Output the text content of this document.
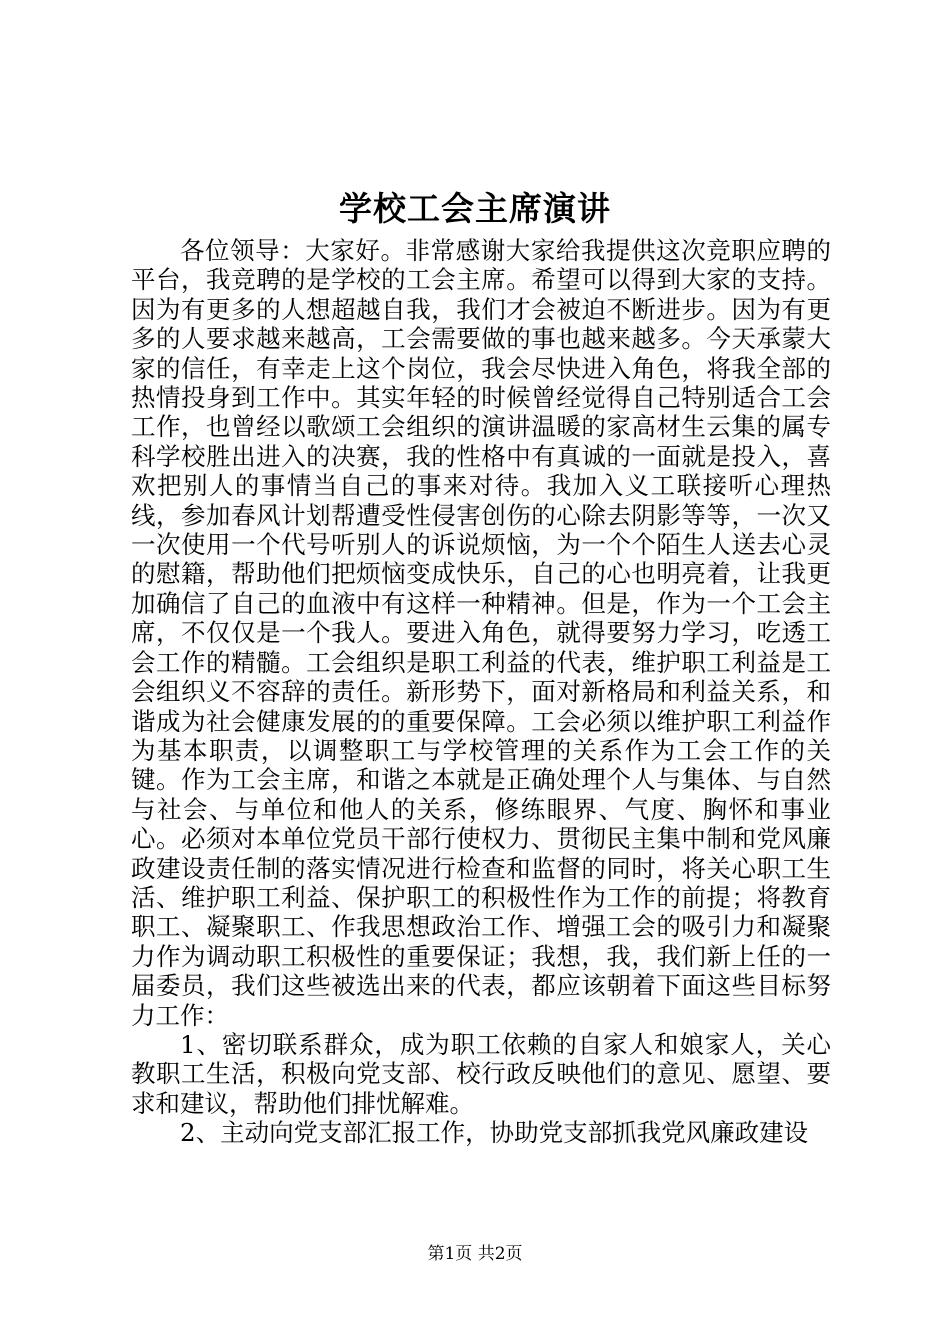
学校工会主席演讲

各位领导：大家好。非常感谢大家给我提供这次竞职应聘的平台，我竞聘的是学校的工会主席。希望可以得到大家的支持。因为有更多的人想超越自我，我们才会被迫不断进步。因为有更多的人要求越来越高，工会需要做的事也越来越多。今天承蒙大家的信任，有幸走上这个岗位，我会尽快进入角色，将我全部的热情投身到工作中。其实年轻的时候曾经觉得自己特别适合工会工作，也曾经以歌颂工会组织的演讲温暖的家高材生云集的属专科学校胜出进入的决赛，我的性格中有真诚的一面就是投入，喜欢把别人的事情当自己的事来对待。我加入义工联接听心理热线，参加春风计划帮遭受性侵害创伤的心除去阴影等等，一次又一次使用一个代号听别人的诉说烦恼，为一个个陌生人送去心灵的慰籍，帮助他们把烦恼变成快乐，自己的心也明亮着，让我更加确信了自己的血液中有这样一种精神。但是，作为一个工会主席，不仅仅是一个我人。要进入角色，就得要努力学习，吃透工会工作的精髓。工会组织是职工利益的代表，维护职工利益是工会组织义不容辞的责任。新形势下，面对新格局和利益关系，和谐成为社会健康发展的的重要保障。工会必须以维护职工利益作为基本职责，以调整职工与学校管理的关系作为工会工作的关键。作为工会主席，和谐之本就是正确处理个人与集体、与自然与社会、与单位和他人的关系，修练眼界、气度、胸怀和事业心。必须对本单位党员干部行使权力、贯彻民主集中制和党风廉政建设责任制的落实情况进行检查和监督的同时，将关心职工生活、维护职工利益、保护职工的积极性作为工作的前提；将教育职工、凝聚职工、作我思想政治工作、增强工会的吸引力和凝聚力作为调动职工积极性的重要保证；我想，我，我们新上任的一届委员，我们这些被选出来的代表，都应该朝着下面这些目标努力工作：

1、密切联系群众，成为职工依赖的自家人和娘家人，关心教职工生活，积极向党支部、校行政反映他们的意见、愿望、要求和建议，帮助他们排忧解难。

2、主动向党支部汇报工作，协助党支部抓我党风廉政建设

第1页 共2页
